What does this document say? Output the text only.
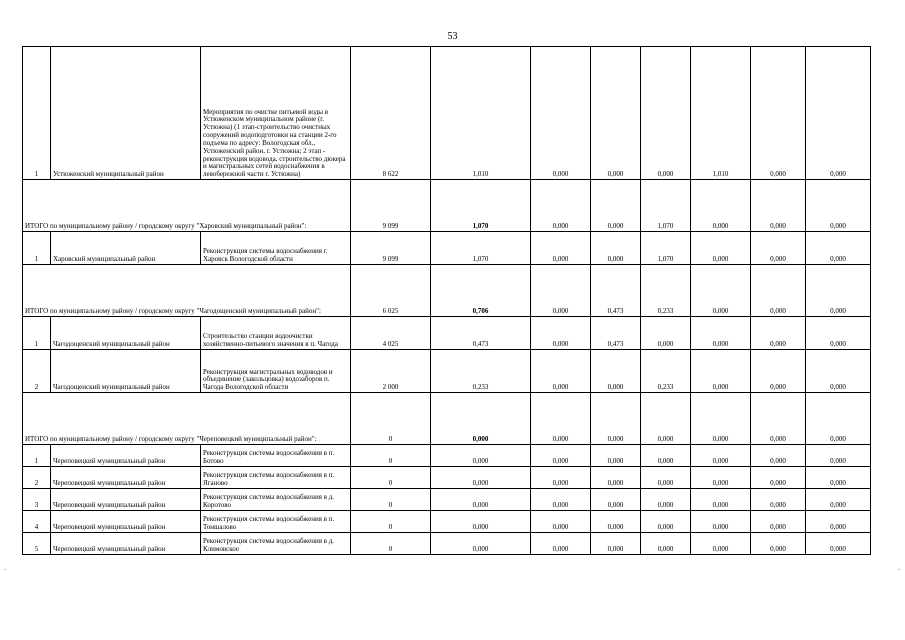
53
1	Устюженский муниципальный район	Мероприятия по очистке питьевой воды в Устюженском муниципальном районе (г. Устюжна) (1 этап-строительство очистных сооружений водоподготовки на станции 2-го подъема по адресу: Вологодская обл., Устюженский район, г. Устюжна; 2 этап - реконструкция водовода, строительство дюкера и магистральных сетей водоснабжения в левобережной части г. Устюжна)	8 622	1,010	0,000	0,000	0,000	1,010	0,000	0,000
ИТОГО по муниципальному району / городскому округу "Харовский муниципальный район":			9 099	1,070	0,000	0,000	1,070	0,000	0,000	0,000
1	Харовский муниципальный район	Реконструкция системы водоснабжения г. Харовск Вологодской области	9 099	1,070	0,000	0,000	1,070	0,000	0,000	0,000
ИТОГО по муниципальному району / городскому округу "Чагодощенский муниципальный район":			6 025	0,706	0,000	0,473	0,233	0,000	0,000	0,000
1	Чагодощенский муниципальный район	Строительство станции водоочистки хозяйственно-питьевого значения в п. Чагода	4 025	0,473	0,000	0,473	0,000	0,000	0,000	0,000
2	Чагодощенский муниципальный район	Реконструкция магистральных водоводов и объединение (закольцовка) водозаборов п. Чагода Вологодской области	2 000	0,233	0,000	0,000	0,233	0,000	0,000	0,000
ИТОГО по муниципальному району / городскому округу "Череповецкий муниципальный район":			0	0,000	0,000	0,000	0,000	0,000	0,000	0,000
1	Череповецкий муниципальный район	Реконструкция системы водоснабжения в п. Ботово	0	0,000	0,000	0,000	0,000	0,000	0,000	0,000
2	Череповецкий муниципальный район	Реконструкция системы водоснабжения в п. Яганово	0	0,000	0,000	0,000	0,000	0,000	0,000	0,000
3	Череповецкий муниципальный район	Реконструкция системы водоснабжения в д. Коротово	0	0,000	0,000	0,000	0,000	0,000	0,000	0,000
4	Череповецкий муниципальный район	Реконструкция системы водоснабжения в п. Тоншалово	0	0,000	0,000	0,000	0,000	0,000	0,000	0,000
5	Череповецкий муниципальный район	Реконструкция системы водоснабжения в д. Климовское	0	0,000	0,000	0,000	0,000	0,000	0,000	0,000
·	·
